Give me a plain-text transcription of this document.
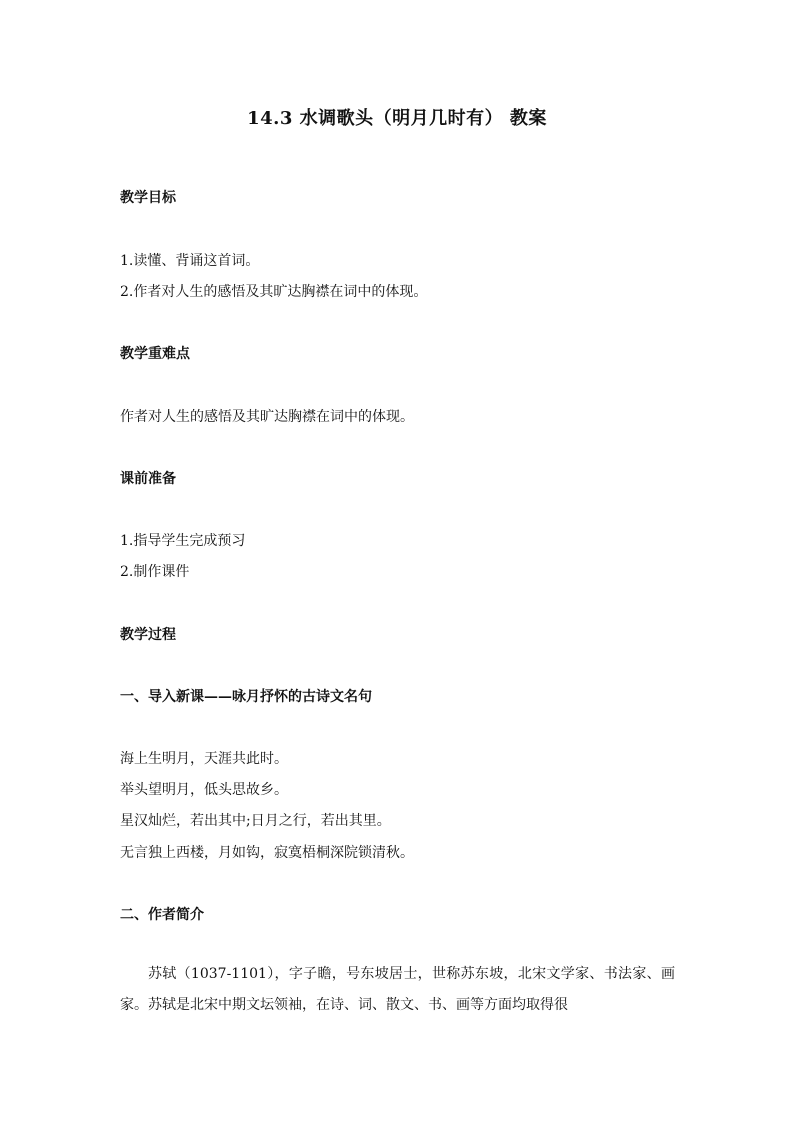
14.3 水调歌头（明月几时有） 教案
教学目标

1.读懂、背诵这首词。

2.作者对人生的感悟及其旷达胸襟在词中的体现。

教学重难点

作者对人生的感悟及其旷达胸襟在词中的体现。

课前准备

1.指导学生完成预习

2.制作课件

教学过程
一、导入新课——咏月抒怀的古诗文名句

海上生明月，天涯共此时。

举头望明月，低头思故乡。

星汉灿烂，若出其中;日月之行，若出其里。

无言独上西楼，月如钩，寂寞梧桐深院锁清秋。

二、作者简介

苏轼（1037-1101），字子瞻，号东坡居士，世称苏东坡，北宋文学家、书法家、画家。苏轼是北宋中期文坛领袖，在诗、词、散文、书、画等方面均取得很
